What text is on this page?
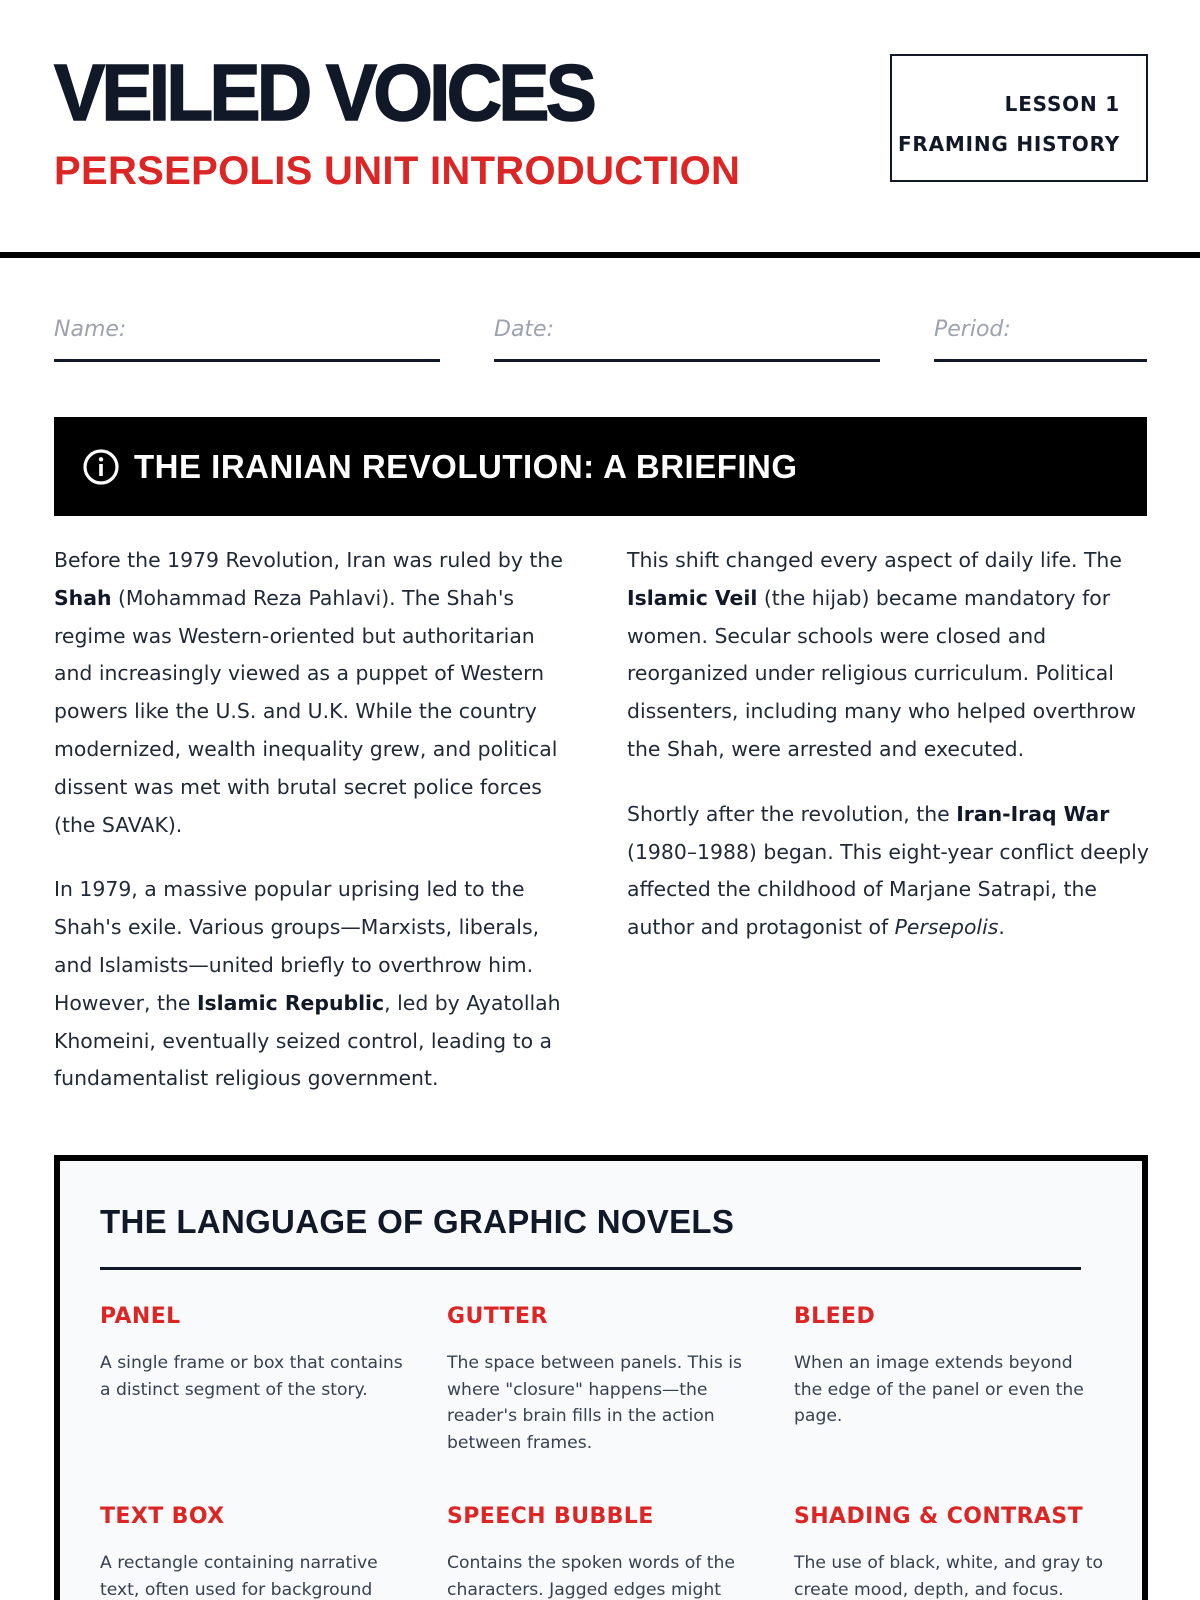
VEILED VOICES
PERSEPOLIS UNIT INTRODUCTION
LESSON 1
FRAMING HISTORY
Name:	Date:	Period:
THE IRANIAN REVOLUTION: A BRIEFING

Before the 1979 Revolution, Iran was ruled by the Shah (Mohammad Reza Pahlavi). The Shah's regime was Western-oriented but authoritarian and increasingly viewed as a puppet of Western powers like the U.S. and U.K. While the country modernized, wealth inequality grew, and political dissent was met with brutal secret police forces (the SAVAK).

In 1979, a massive popular uprising led to the Shah's exile. Various groups—Marxists, liberals, and Islamists—united briefly to overthrow him. However, the Islamic Republic, led by Ayatollah Khomeini, eventually seized control, leading to a fundamentalist religious government.

This shift changed every aspect of daily life. The Islamic Veil (the hijab) became mandatory for women. Secular schools were closed and reorganized under religious curriculum. Political dissenters, including many who helped overthrow the Shah, were arrested and executed.

Shortly after the revolution, the Iran-Iraq War (1980–1988) began. This eight-year conflict deeply affected the childhood of Marjane Satrapi, the author and protagonist of Persepolis.

THE LANGUAGE OF GRAPHIC NOVELS
PANEL

A single frame or box that contains a distinct segment of the story.

GUTTER

The space between panels. This is where "closure" happens—the reader's brain fills in the action between frames.

BLEED

When an image extends beyond the edge of the panel or even the page.

TEXT BOX

A rectangle containing narrative text, often used for background

SPEECH BUBBLE

Contains the spoken words of the characters. Jagged edges might

SHADING & CONTRAST

The use of black, white, and gray to create mood, depth, and focus.
